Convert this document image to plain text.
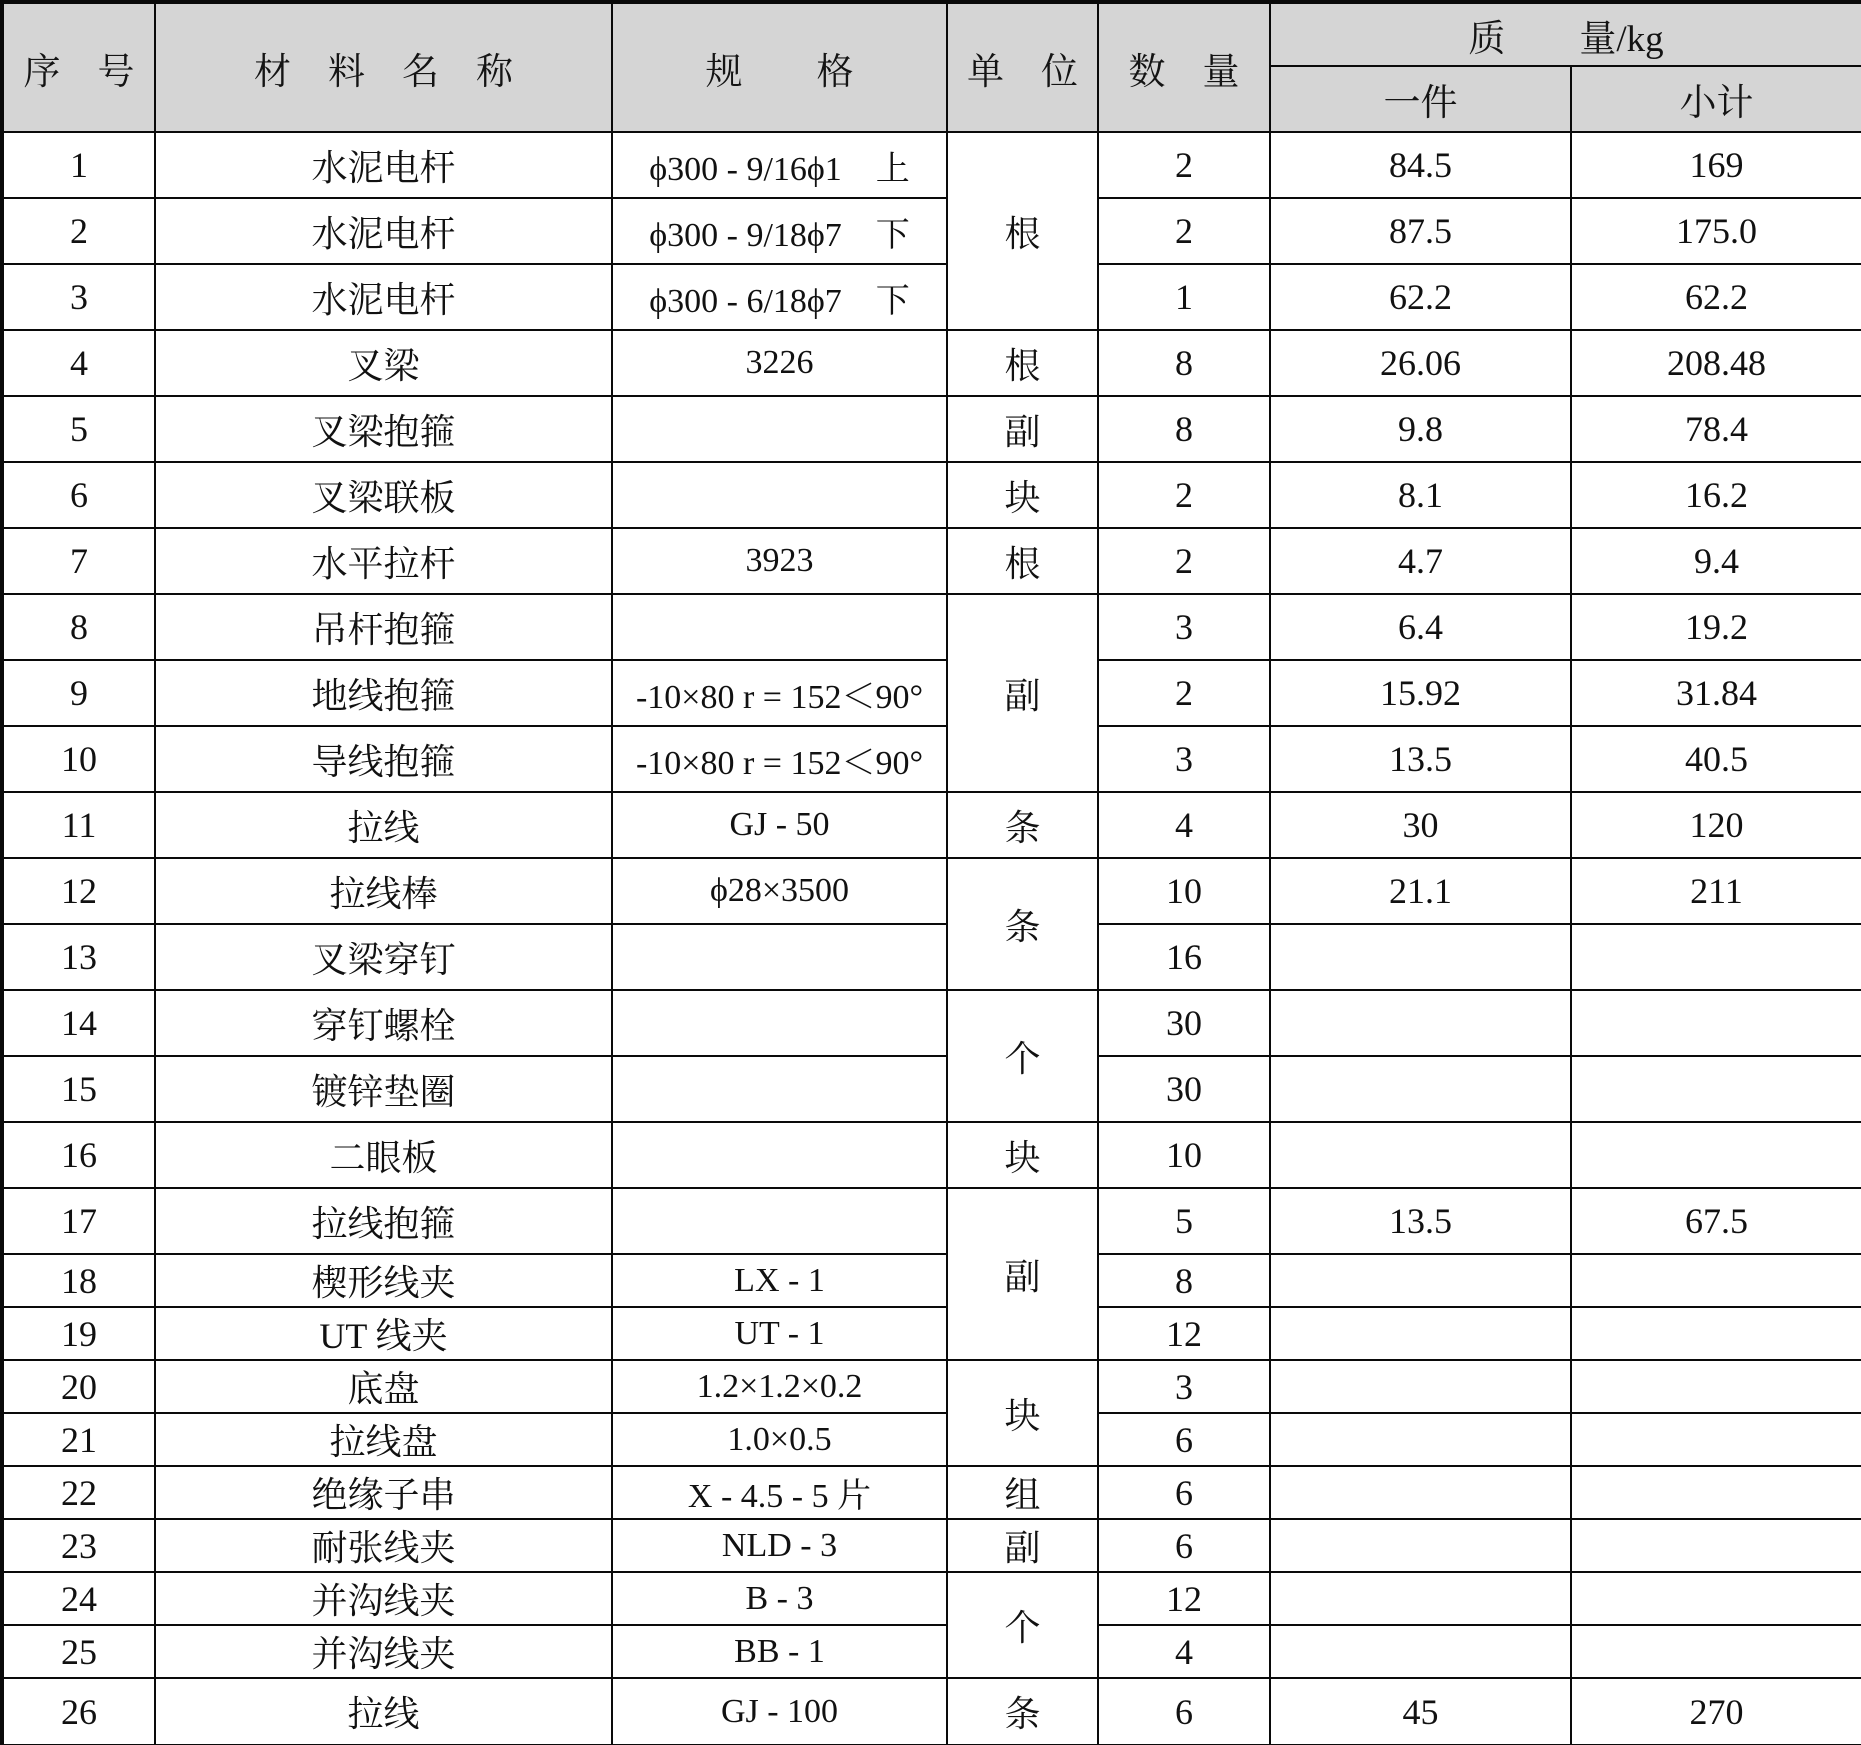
序　号	材　料　名　称	规　　格	单　位	数　量	质　　量/kg	
					一件	小计
1	水泥电杆	ϕ300 - 9/16ϕ1　上	根	2	84.5	169
2	水泥电杆	ϕ300 - 9/18ϕ7　下		2	87.5	175.0
3	水泥电杆	ϕ300 - 6/18ϕ7　下		1	62.2	62.2
4	叉梁	3226	根	8	26.06	208.48
5	叉梁抱箍		副	8	9.8	78.4
6	叉梁联板		块	2	8.1	16.2
7	水平拉杆	3923	根	2	4.7	9.4
8	吊杆抱箍		副	3	6.4	19.2
9	地线抱箍	-10×80 r = 152＜90°		2	15.92	31.84
10	导线抱箍	-10×80 r = 152＜90°		3	13.5	40.5
11	拉线	GJ - 50	条	4	30	120
12	拉线棒	ϕ28×3500	条	10	21.1	211
13	叉梁穿钉			16		
14	穿钉螺栓		个	30		
15	镀锌垫圈			30		
16	二眼板		块	10		
17	拉线抱箍		副	5	13.5	67.5
18	楔形线夹	LX - 1		8		
19	UT 线夹	UT - 1		12		
20	底盘	1.2×1.2×0.2	块	3		
21	拉线盘	1.0×0.5		6		
22	绝缘子串	X - 4.5 - 5 片	组	6		
23	耐张线夹	NLD - 3	副	6		
24	并沟线夹	B - 3	个	12		
25	并沟线夹	BB - 1		4		
26	拉线	GJ - 100	条	6	45	270
